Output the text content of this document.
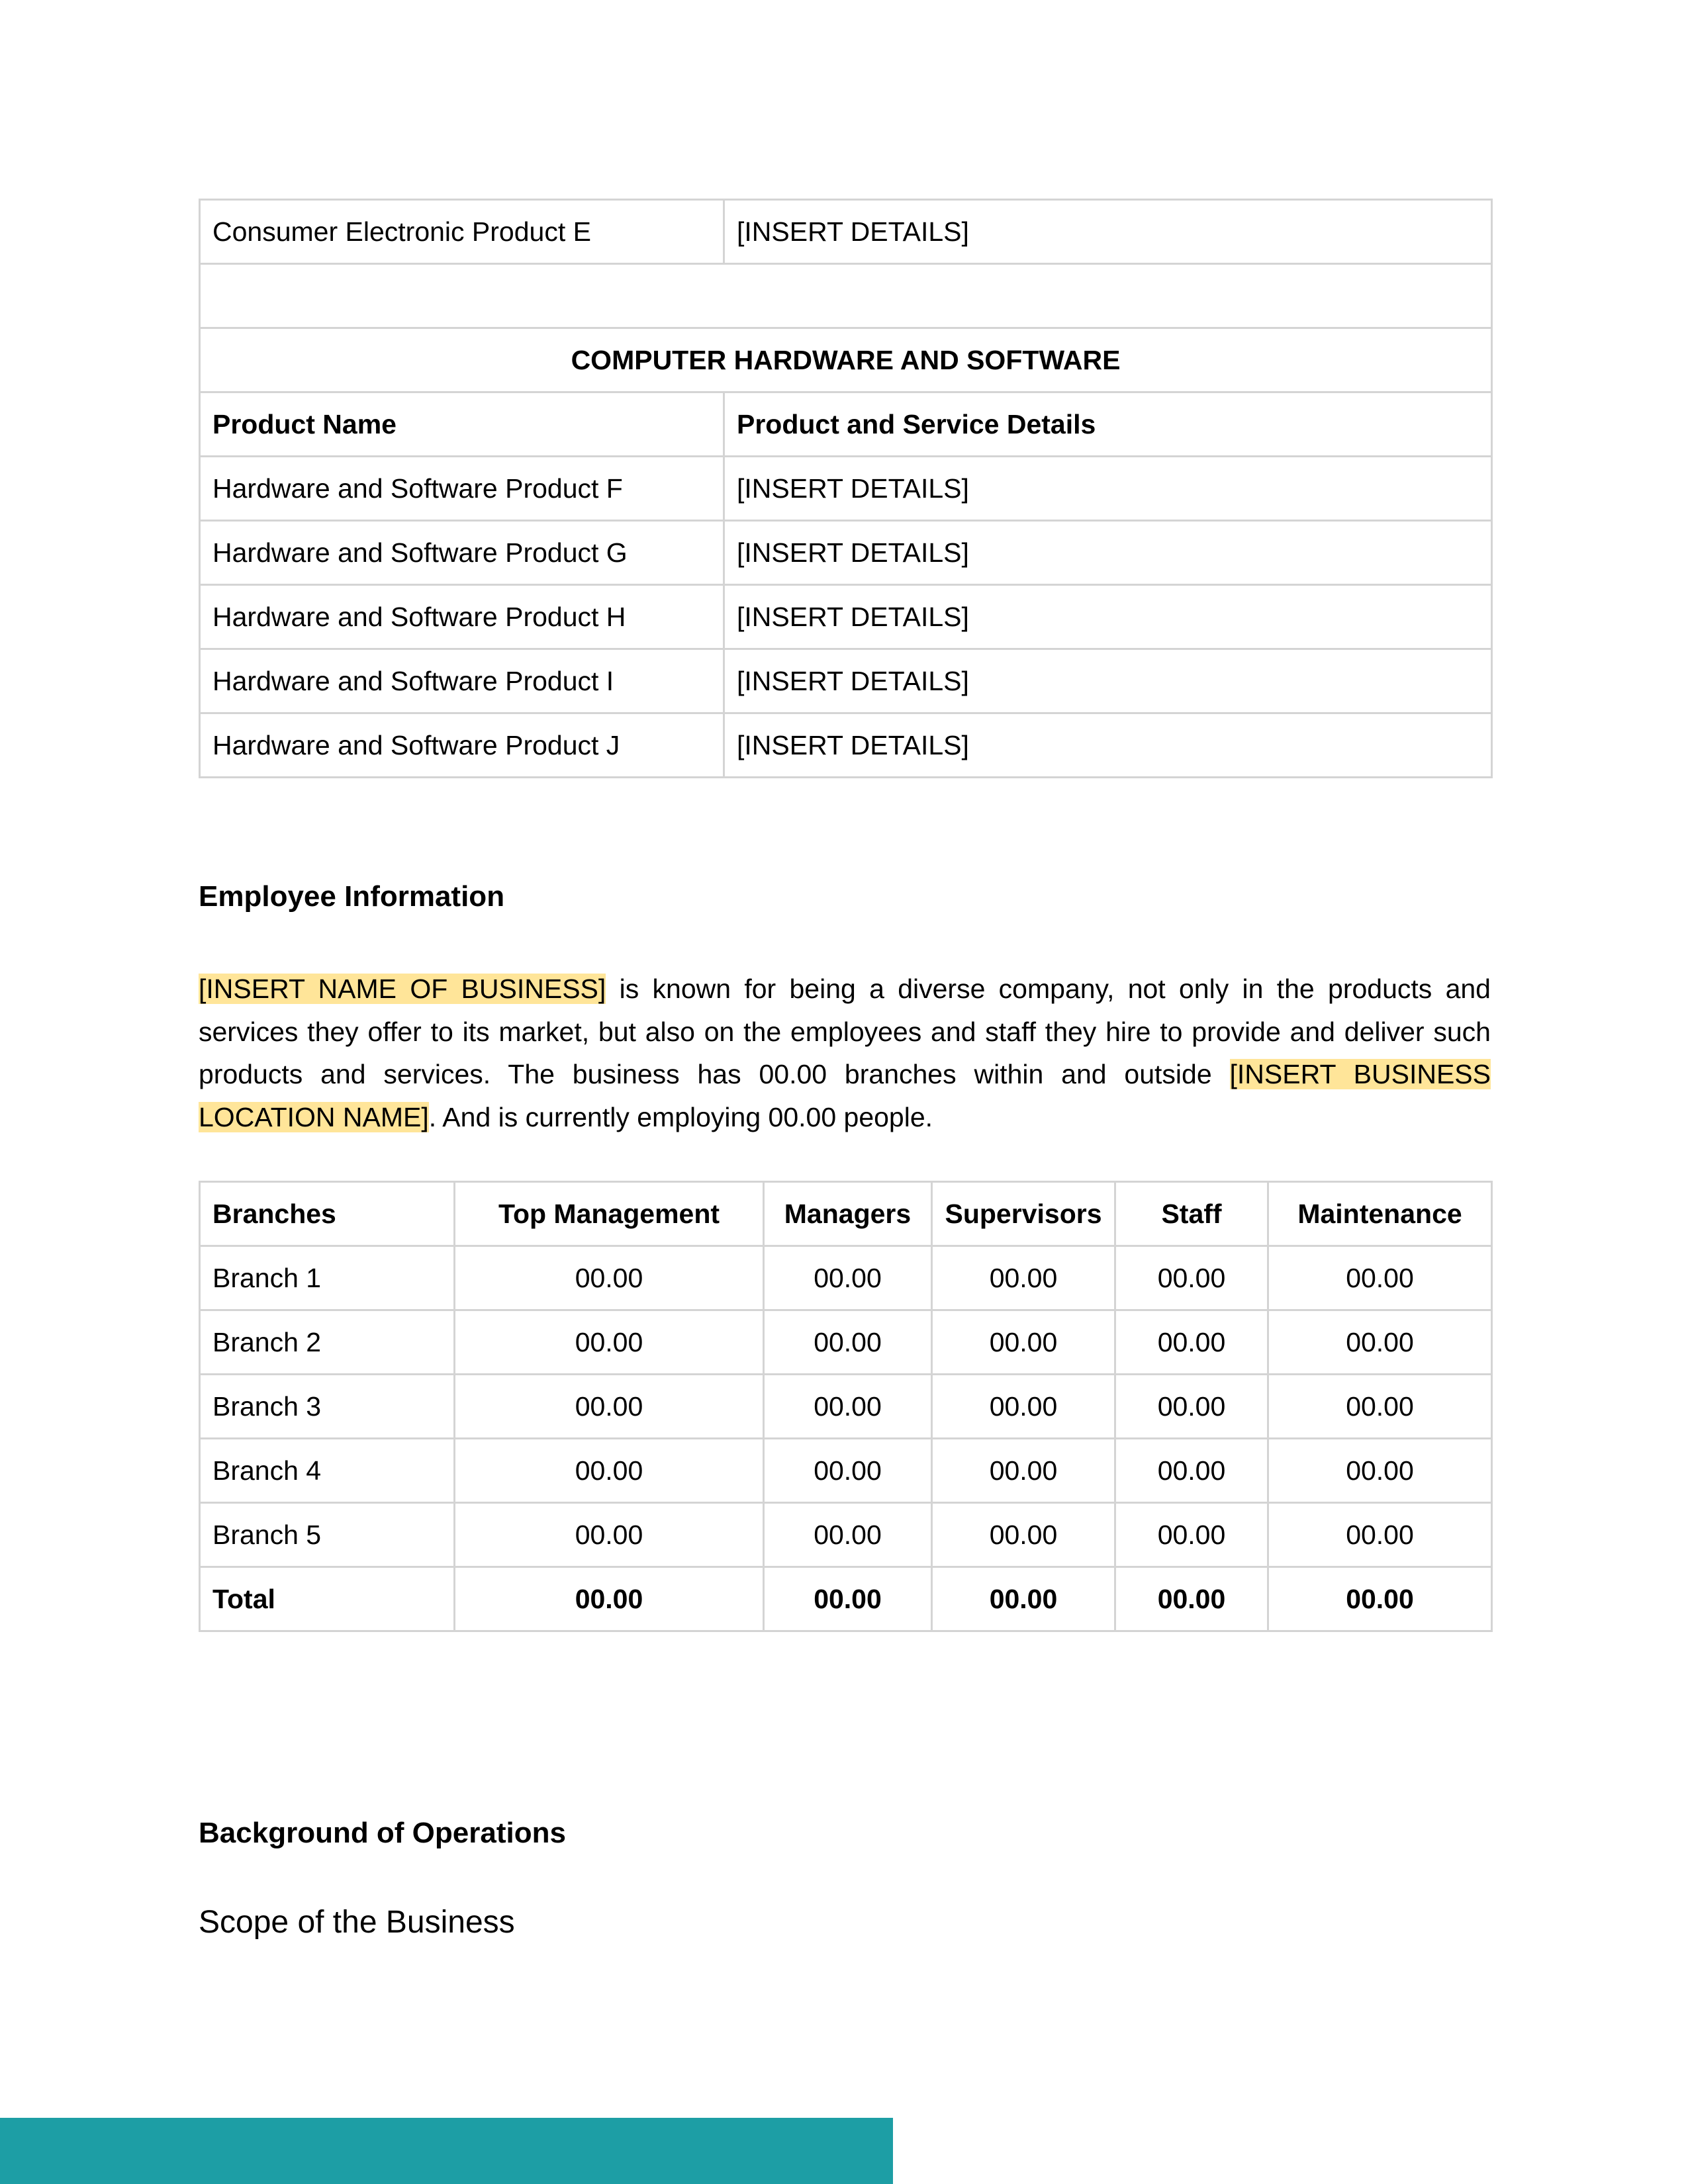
Consumer Electronic Product E	[INSERT DETAILS]

COMPUTER HARDWARE AND SOFTWARE	
Product Name	Product and Service Details
Hardware and Software Product F	[INSERT DETAILS]
Hardware and Software Product G	[INSERT DETAILS]
Hardware and Software Product H	[INSERT DETAILS]
Hardware and Software Product I	[INSERT DETAILS]
Hardware and Software Product J	[INSERT DETAILS]
Employee Information

[INSERT NAME OF BUSINESS] is known for being a diverse company, not only in the products and services they offer to its market, but also on the employees and staff they hire to provide and deliver such products and services. The business has 00.00 branches within and outside [INSERT BUSINESS LOCATION NAME]. And is currently employing 00.00 people.

Branches	Top Management	Managers	Supervisors	Staff	Maintenance
Branch 1	00.00	00.00	00.00	00.00	00.00
Branch 2	00.00	00.00	00.00	00.00	00.00
Branch 3	00.00	00.00	00.00	00.00	00.00
Branch 4	00.00	00.00	00.00	00.00	00.00
Branch 5	00.00	00.00	00.00	00.00	00.00
Total	00.00	00.00	00.00	00.00	00.00
Background of Operations

Scope of the Business
